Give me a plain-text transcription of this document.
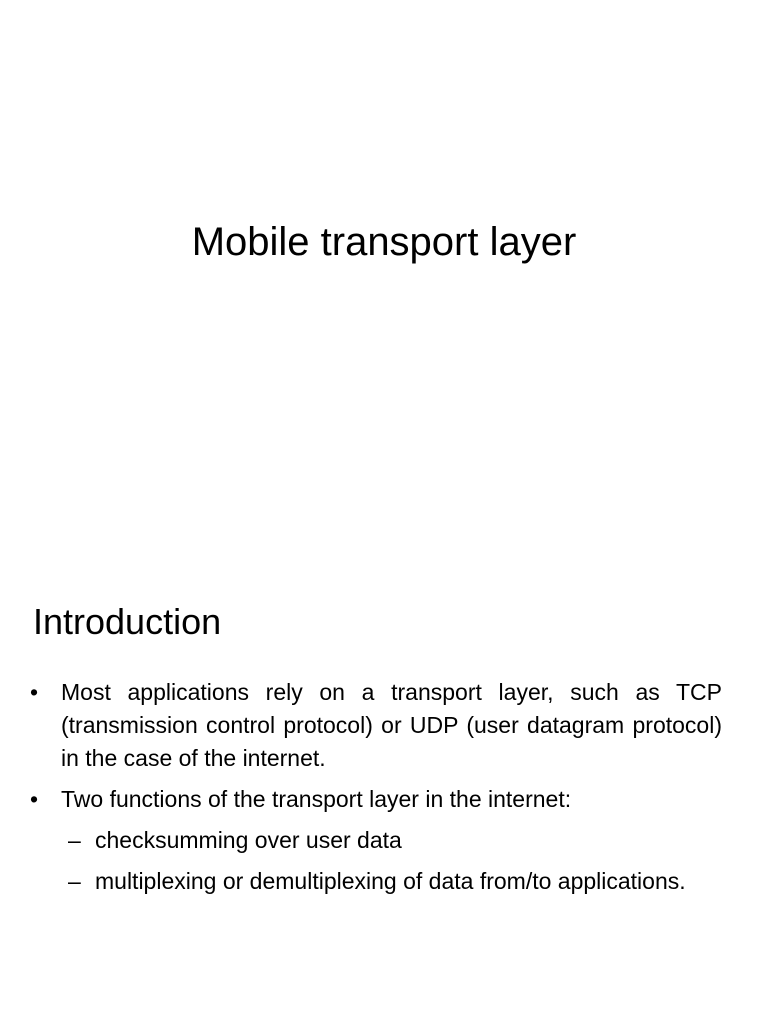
Mobile transport layer
Introduction
• Most applications rely on a transport layer, such as TCP (transmission control protocol) or UDP (user datagram protocol) in the case of the internet.
• Two functions of the transport layer in the internet:
– checksumming over user data
– multiplexing or demultiplexing of data from/to applications.
